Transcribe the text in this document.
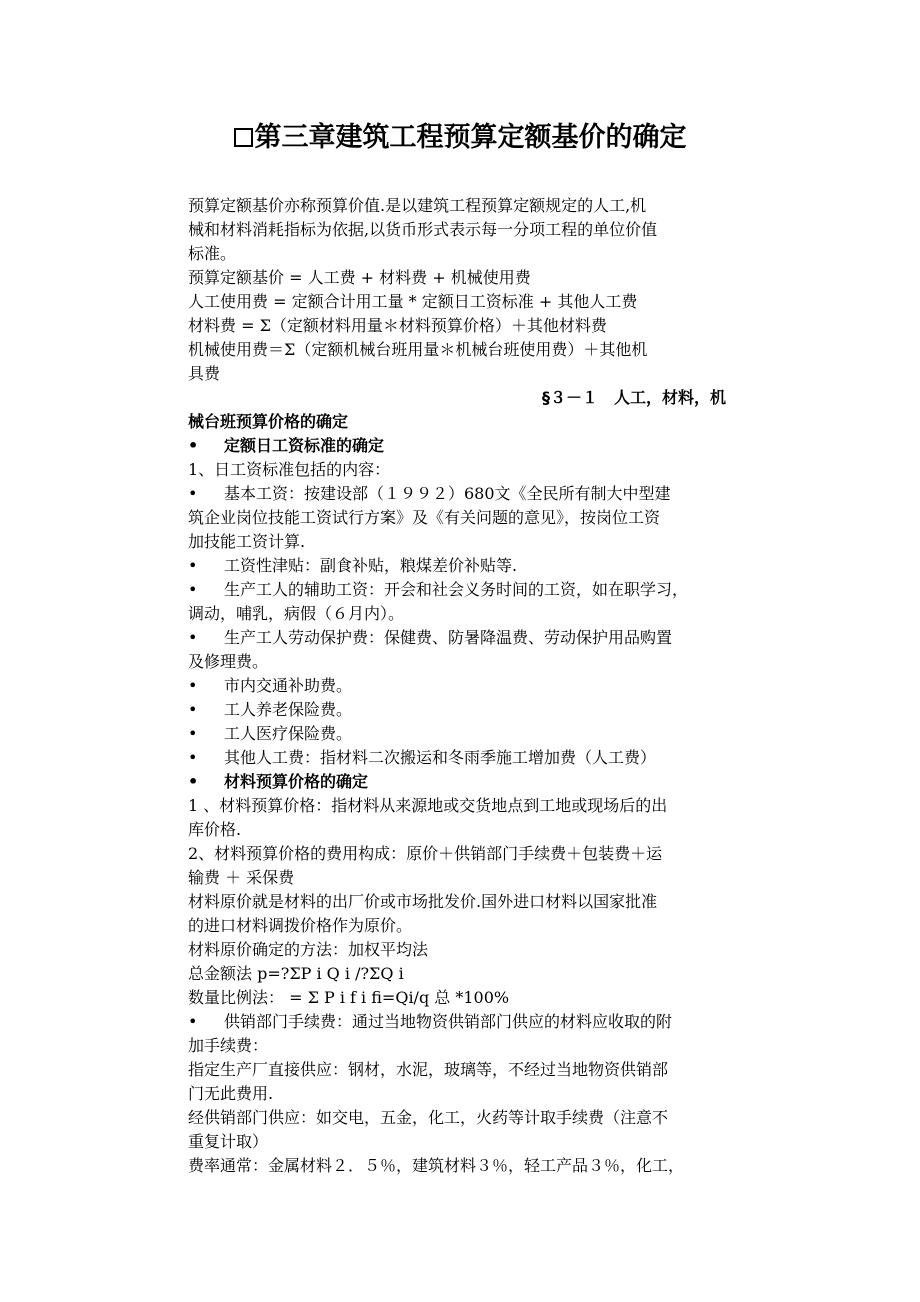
第三章建筑工程预算定额基价的确定

预算定额基价亦称预算价值.是以建筑工程预算定额规定的人工,机

械和材料消耗指标为依据,以货币形式表示每一分项工程的单位价值

标准。

预算定额基价 = 人工费 + 材料费 + 机械使用费

人工使用费 = 定额合计用工量 * 定额日工资标准 + 其他人工费

材料费 = Σ（定额材料用量＊材料预算价格）＋其他材料费

机械使用费＝Σ（定额机械台班用量＊机械台班使用费）＋其他机

具费

§３－１　人工，材料，机

械台班预算价格的确定

• 定额日工资标准的确定

1、日工资标准包括的内容：

• 基本工资：按建设部（１９９２）680文《全民所有制大中型建

筑企业岗位技能工资试行方案》及《有关问题的意见》，按岗位工资

加技能工资计算.

• 工资性津贴：副食补贴，粮煤差价补贴等.

• 生产工人的辅助工资：开会和社会义务时间的工资，如在职学习，

调动，哺乳，病假（６月内）。

• 生产工人劳动保护费：保健费、防暑降温费、劳动保护用品购置

及修理费。

• 市内交通补助费。

• 工人养老保险费。

• 工人医疗保险费。

• 其他人工费：指材料二次搬运和冬雨季施工增加费（人工费）

• 材料预算价格的确定

1 、材料预算价格：指材料从来源地或交货地点到工地或现场后的出

库价格.

2、材料预算价格的费用构成：原价＋供销部门手续费＋包装费＋运

输费 ＋ 采保费

材料原价就是材料的出厂价或市场批发价.国外进口材料以国家批准

的进口材料调拨价格作为原价。

材料原价确定的方法：加权平均法

总金额法 p=?ΣP i Q i /?ΣQ i

数量比例法： = Σ P i f i fi=Qi/q 总 *100%

• 供销部门手续费：通过当地物资供销部门供应的材料应收取的附

加手续费：

指定生产厂直接供应：钢材，水泥，玻璃等，不经过当地物资供销部

门无此费用.

经供销部门供应：如交电，五金，化工，火药等计取手续费（注意不

重复计取）

费率通常：金属材料２．５％，建筑材料３％，轻工产品３％，化工，
